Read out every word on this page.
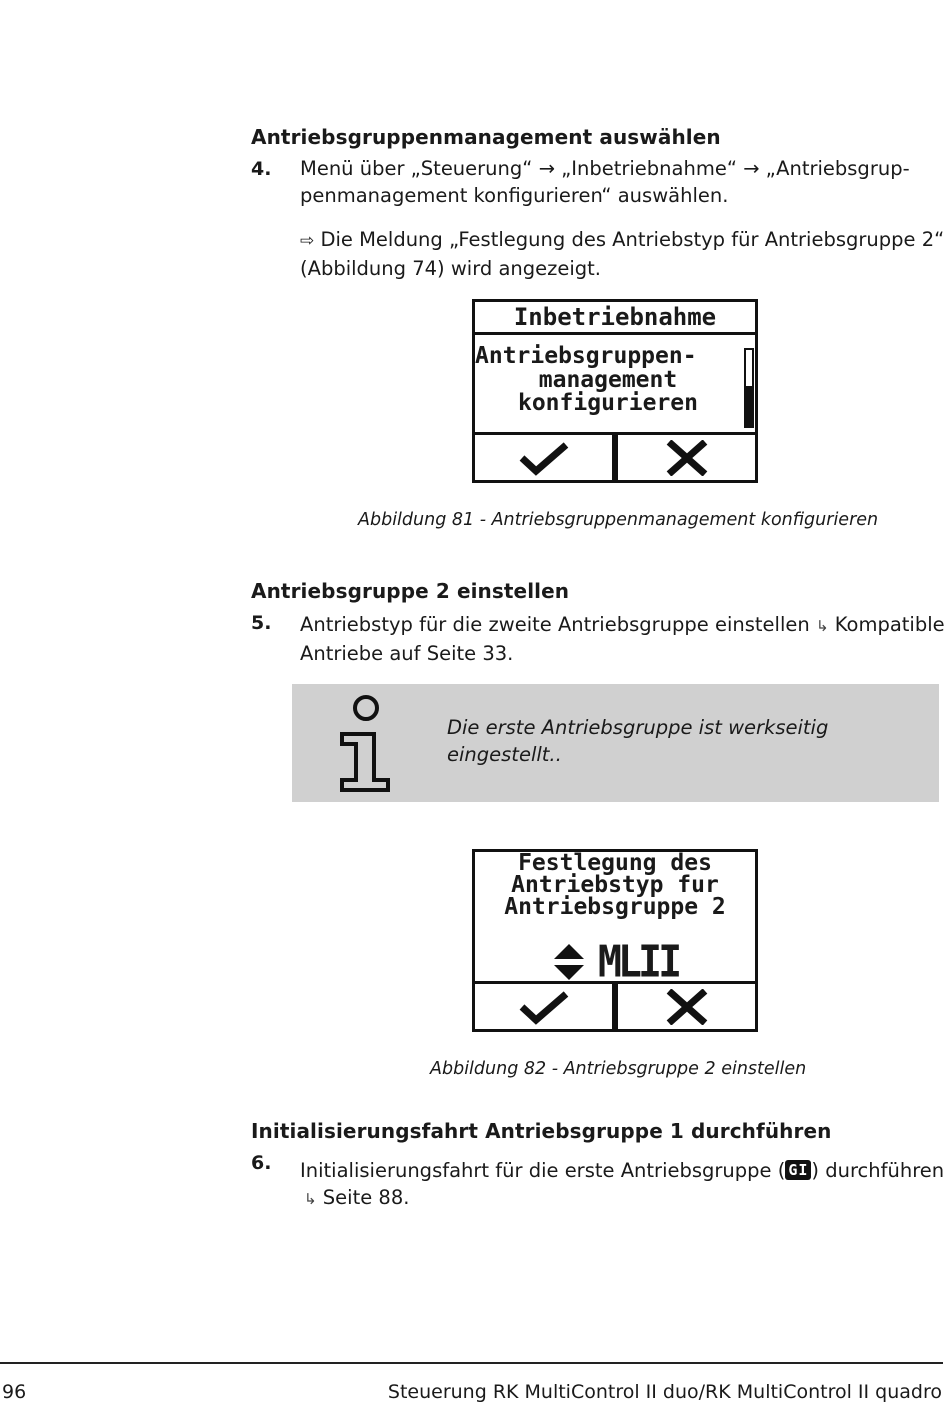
Antriebsgruppenmanagement auswählen
4. Menü über „Steuerung“ → „Inbetriebnahme“ → „Antriebsgrup-
penmanagement konfigurieren“ auswählen.
⇨ Die Meldung „Festlegung des Antriebstyp für Antriebsgruppe 2“
(Abbildung 74) wird angezeigt.
Inbetriebnahme
Antriebsgruppen-
management
konfigurieren
Abbildung 81 - Antriebsgruppenmanagement konfigurieren
Antriebsgruppe 2 einstellen
5. Antriebstyp für die zweite Antriebsgruppe einstellen ↳ Kompatible
Antriebe auf Seite 33.
Die erste Antriebsgruppe ist werkseitig
eingestellt..
Festlegung des
Antriebstyp fur
Antriebsgruppe 2
MLII
Abbildung 82 - Antriebsgruppe 2 einstellen
Initialisierungsfahrt Antriebsgruppe 1 durchführen
6. Initialisierungsfahrt für die erste Antriebsgruppe ( GI ) durchführen
↳ Seite 88.
96	Steuerung RK MultiControl II duo/RK MultiControl II quadro
